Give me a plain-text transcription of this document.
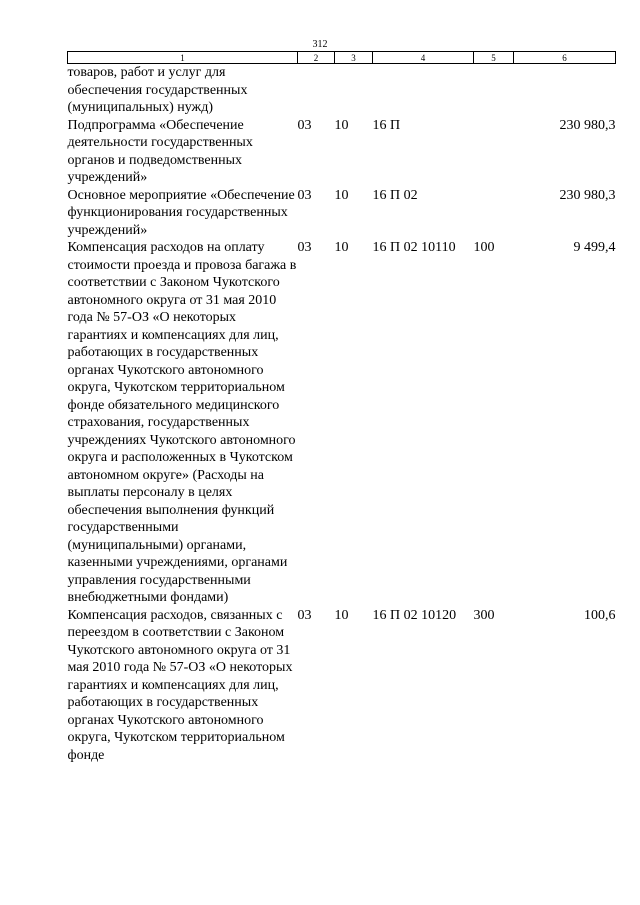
312
1	2	3	4	5	6
товаров, работ и услуг для обеспечения государственных (муниципальных) нужд)					
Подпрограмма «Обеспечение деятельности государственных органов и подведомственных учреждений»	03	10	16 П		230 980,3
Основное мероприятие «Обеспечение функционирования государственных учреждений»	03	10	16 П 02		230 980,3
Компенсация расходов на оплату стоимости проезда и провоза багажа в соответствии с Законом Чукотского автономного округа от 31 мая 2010 года № 57-ОЗ «О некоторых гарантиях и компенсациях для лиц, работающих в государственных органах Чукотского автономного округа, Чукотском территориальном фонде обязательного медицинского страхования, государственных учреждениях Чукотского автономного округа и расположенных в Чукотском автономном округе» (Расходы на выплаты персоналу в целях обеспечения выполнения функций государственными (муниципальными) органами, казенными учреждениями, органами управления государственными внебюджетными фондами)	03	10	16 П 02 10110	100	9 499,4
Компенсация расходов, связанных с переездом в соответствии с Законом Чукотского автономного округа от 31 мая 2010 года № 57-ОЗ «О некоторых гарантиях и компенсациях для лиц, работающих в государственных органах Чукотского автономного округа, Чукотском территориальном фонде	03	10	16 П 02 10120	300	100,6
